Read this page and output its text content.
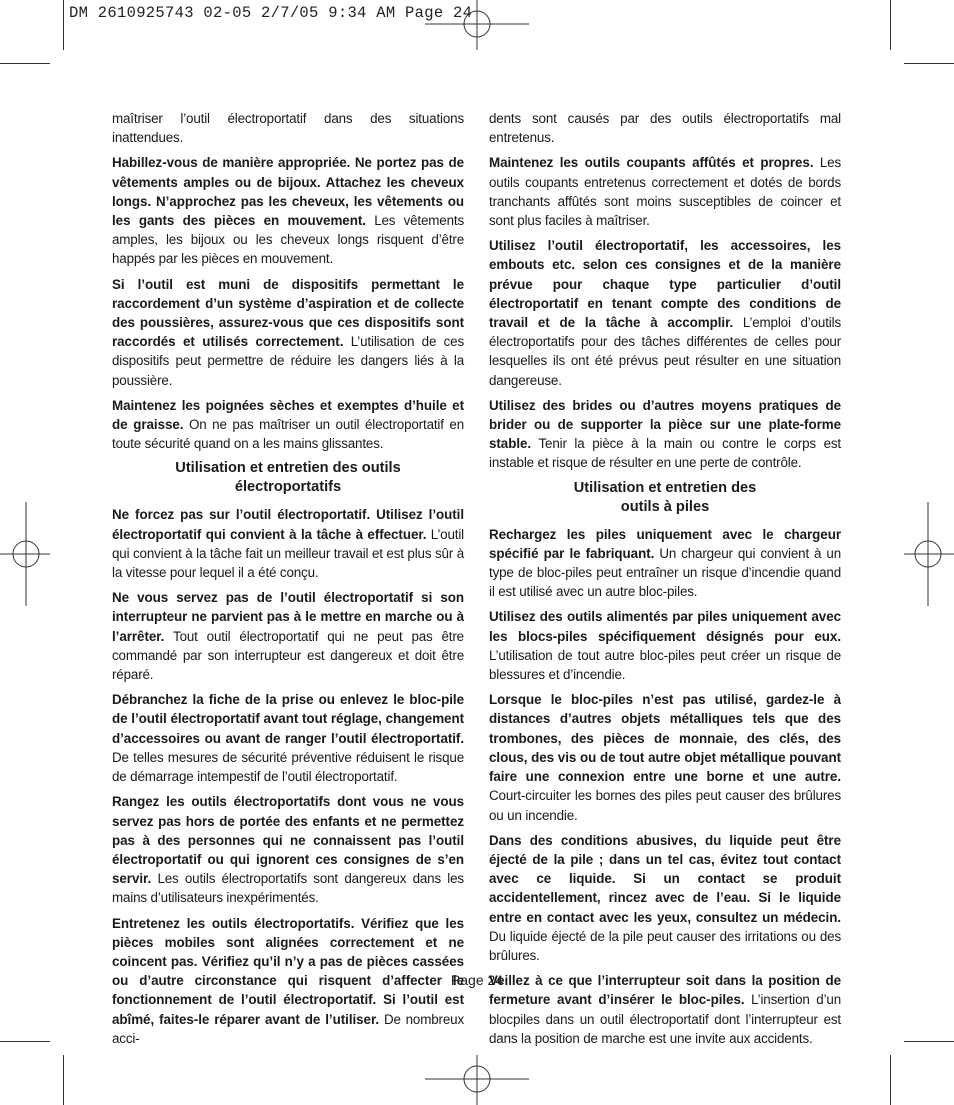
DM 2610925743 02-05 2/7/05 9:34 AM Page 24

maîtriser l’outil électroportatif dans des situations inattendues.

Habillez-vous de manière appropriée. Ne portez pas de vêtements amples ou de bijoux. Attachez les cheveux longs. N’approchez pas les cheveux, les vêtements ou les gants des pièces en mouvement. Les vêtements amples, les bijoux ou les cheveux longs risquent d’être happés par les pièces en mouvement.

Si l’outil est muni de dispositifs permettant le raccordement d’un système d’aspiration et de collecte des poussières, assurez-vous que ces dispositifs sont raccordés et utilisés correctement. L’utilisation de ces dispositifs peut permettre de réduire les dangers liés à la poussière.

Maintenez les poignées sèches et exemptes d’huile et de graisse. On ne pas maîtriser un outil électroportatif en toute sécurité quand on a les mains glissantes.

Utilisation et entretien des outils
électroportatifs

Ne forcez pas sur l’outil électroportatif. Utilisez l’outil électroportatif qui convient à la tâche à effectuer. L’outil qui convient à la tâche fait un meilleur travail et est plus sûr à la vitesse pour lequel il a été conçu.

Ne vous servez pas de l’outil électroportatif si son interrupteur ne parvient pas à le mettre en marche ou à l’arrêter. Tout outil électroportatif qui ne peut pas être commandé par son interrupteur est dangereux et doit être réparé.

Débranchez la fiche de la prise ou enlevez le bloc-pile de l’outil électroportatif avant tout réglage, changement d’accessoires ou avant de ranger l’outil électroportatif. De telles mesures de sécurité préventive réduisent le risque de démarrage intempestif de l’outil électroportatif.

Rangez les outils électroportatifs dont vous ne vous servez pas hors de portée des enfants et ne permettez pas à des personnes qui ne connaissent pas l’outil électroportatif ou qui ignorent ces consignes de s’en servir. Les outils électroportatifs sont dangereux dans les mains d’utilisateurs inexpérimentés.

Entretenez les outils électroportatifs. Vérifiez que les pièces mobiles sont alignées correctement et ne coincent pas. Vérifiez qu’il n’y a pas de pièces cassées ou d’autre circonstance qui risquent d’affecter le fonctionnement de l’outil électroportatif. Si l’outil est abîmé, faites-le réparer avant de l’utiliser. De nombreux acci-

dents sont causés par des outils électroportatifs mal entretenus.

Maintenez les outils coupants affûtés et propres. Les outils coupants entretenus correctement et dotés de bords tranchants affûtés sont moins susceptibles de coincer et sont plus faciles à maîtriser.

Utilisez l’outil électroportatif, les accessoires, les embouts etc. selon ces consignes et de la manière prévue pour chaque type particulier d’outil électroportatif en tenant compte des conditions de travail et de la tâche à accomplir. L’emploi d’outils électroportatifs pour des tâches différentes de celles pour lesquelles ils ont été prévus peut résulter en une situation dangereuse.

Utilisez des brides ou d’autres moyens pratiques de brider ou de supporter la pièce sur une plate-forme stable. Tenir la pièce à la main ou contre le corps est instable et risque de résulter en une perte de contrôle.

Utilisation et entretien des
outils à piles

Rechargez les piles uniquement avec le chargeur spécifié par le fabriquant. Un chargeur qui convient à un type de bloc-piles peut entraîner un risque d’incendie quand il est utilisé avec un autre bloc-piles.

Utilisez des outils alimentés par piles uniquement avec les blocs-piles spécifiquement désignés pour eux. L’utilisation de tout autre bloc-piles peut créer un risque de blessures et d’incendie.

Lorsque le bloc-piles n’est pas utilisé, gardez-le à distances d’autres objets métalliques tels que des trombones, des pièces de monnaie, des clés, des clous, des vis ou de tout autre objet métallique pouvant faire une connexion entre une borne et une autre. Court-circuiter les bornes des piles peut causer des brûlures ou un incendie.

Dans des conditions abusives, du liquide peut être éjecté de la pile ; dans un tel cas, évitez tout contact avec ce liquide. Si un contact se produit accidentellement, rincez avec de l’eau. Si le liquide entre en contact avec les yeux, consultez un médecin. Du liquide éjecté de la pile peut causer des irritations ou des brûlures.

Veillez à ce que l’interrupteur soit dans la position de fermeture avant d’insérer le bloc-piles. L’insertion d’un blocpiles dans un outil électroportatif dont l’interrupteur est dans la position de marche est une invite aux accidents.

Page 24
